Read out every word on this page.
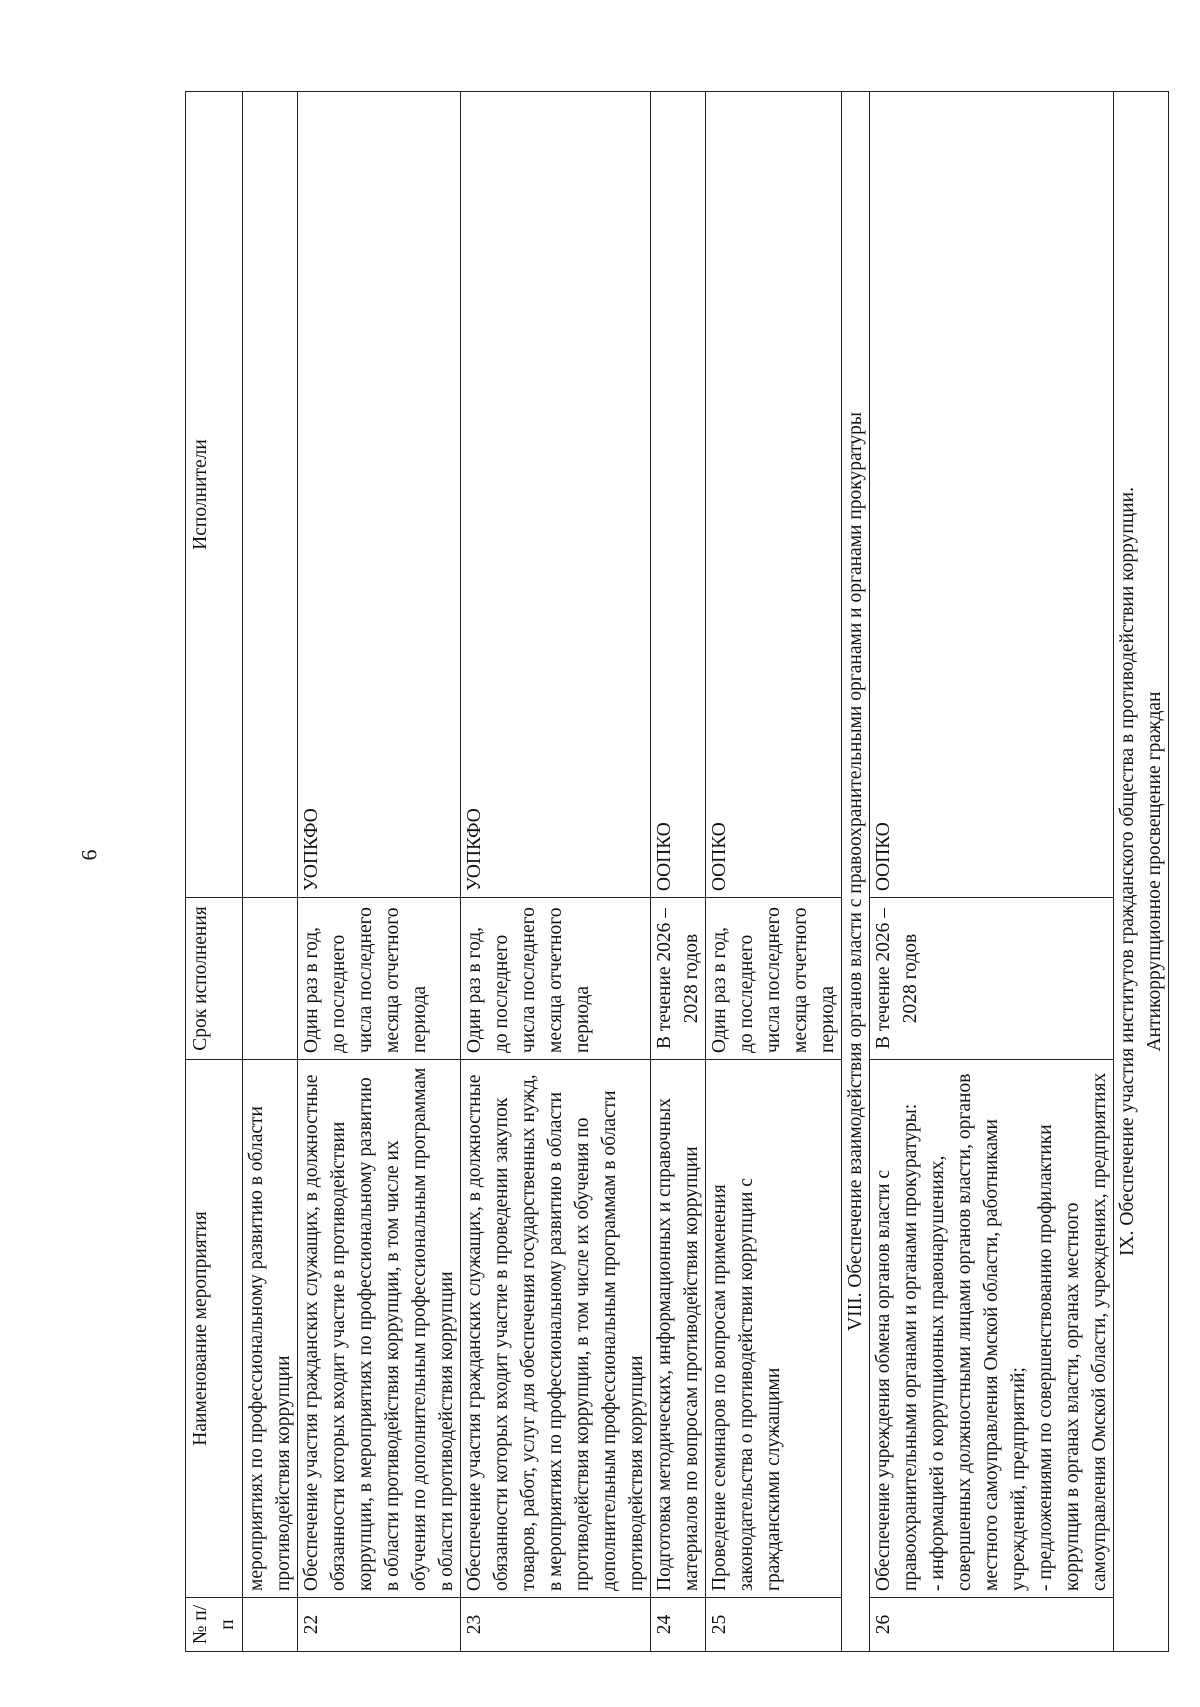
6
№ п/п	Наименование мероприятия	Срок исполнения	Исполнители
	мероприятиях по профессиональному развитию в области противодействия коррупции		
22	Обеспечение участия гражданских служащих, в должностные обязанности которых входит участие в противодействии коррупции, в мероприятиях по профессиональному развитию в области противодействия коррупции, в том числе их обучения по дополнительным профессиональным программам в области противодействия коррупции	Один раз в год, до последнего числа последнего месяца отчетного периода	УОПКФО
23	Обеспечение участия гражданских служащих, в должностные обязанности которых входит участие в проведении закупок товаров, работ, услуг для обеспечения государственных нужд, в мероприятиях по профессиональному развитию в области противодействия коррупции, в том числе их обучения по дополнительным профессиональным программам в области противодействия коррупции	Один раз в год, до последнего числа последнего месяца отчетного периода	УОПКФО
24	Подготовка методических, информационных и справочных материалов по вопросам противодействия коррупции	В течение 2026 – 2028 годов	ООПКО
25	Проведение семинаров по вопросам применения законодательства о противодействии коррупции с гражданскими служащими	Один раз в год, до последнего числа последнего месяца отчетного периода	ООПКО
VIII. Обеспечение взаимодействия органов власти с правоохранительными органами и органами прокуратуры			
26	Обеспечение учреждения обмена органов власти с правоохранительными органами и органами прокуратуры: - информацией о коррупционных правонарушениях, совершенных должностными лицами органов власти, органов местного самоуправления Омской области, работниками учреждений, предприятий; - предложениями по совершенствованию профилактики коррупции в органах власти, органах местного самоуправления Омской области, учреждениях, предприятиях	В течение 2026 – 2028 годов	ООПКО

IX. Обеспечение участия институтов гражданского общества в противодействии коррупции. Антикоррупционное просвещение граждан			
